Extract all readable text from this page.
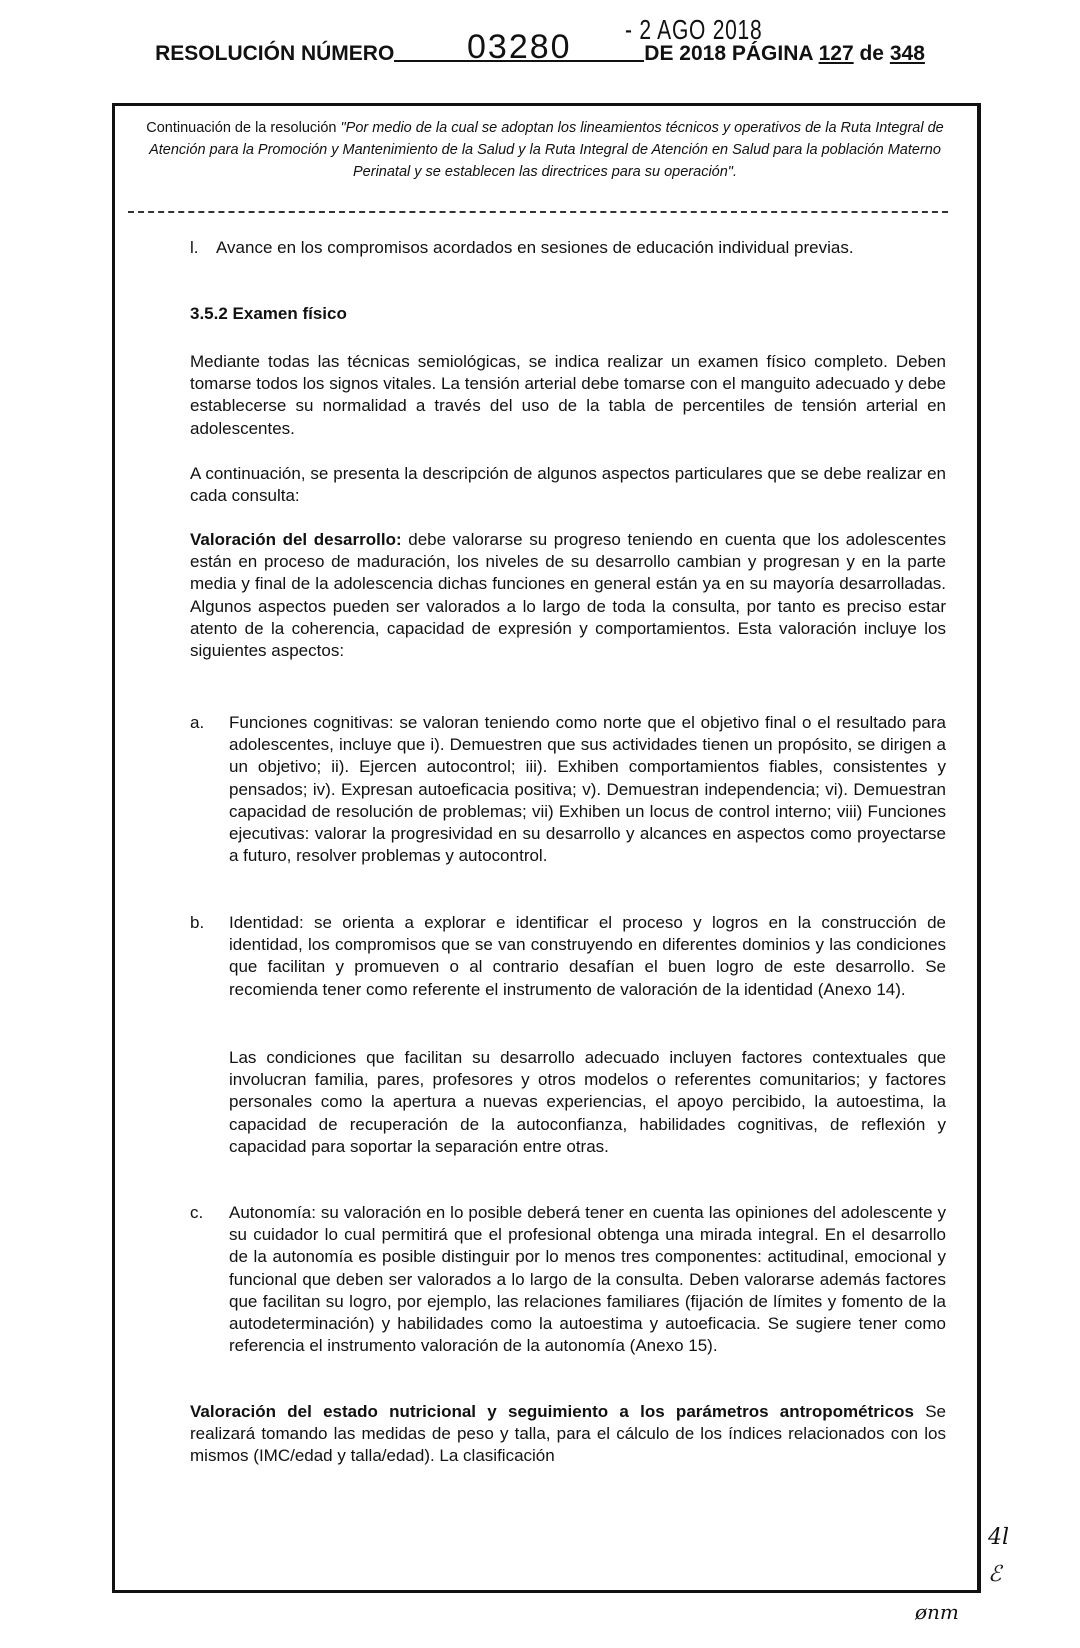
- 2 AGO 2018
RESOLUCIÓN NÚMERO 03280	DE 2018 PÁGINA 127 de 348
Continuación de la resolución "Por medio de la cual se adoptan los lineamientos técnicos y operativos de la Ruta Integral de Atención para la Promoción y Mantenimiento de la Salud y la Ruta Integral de Atención en Salud para la población Materno Perinatal y se establecen las directrices para su operación".
l. Avance en los compromisos acordados en sesiones de educación individual previas.
3.5.2 Examen físico
Mediante todas las técnicas semiológicas, se indica realizar un examen físico completo. Deben tomarse todos los signos vitales. La tensión arterial debe tomarse con el manguito adecuado y debe establecerse su normalidad a través del uso de la tabla de percentiles de tensión arterial en adolescentes.
A continuación, se presenta la descripción de algunos aspectos particulares que se debe realizar en cada consulta:
Valoración del desarrollo: debe valorarse su progreso teniendo en cuenta que los adolescentes están en proceso de maduración, los niveles de su desarrollo cambian y progresan y en la parte media y final de la adolescencia dichas funciones en general están ya en su mayoría desarrolladas. Algunos aspectos pueden ser valorados a lo largo de toda la consulta, por tanto es preciso estar atento de la coherencia, capacidad de expresión y comportamientos. Esta valoración incluye los siguientes aspectos:
a. Funciones cognitivas: se valoran teniendo como norte que el objetivo final o el resultado para adolescentes, incluye que i). Demuestren que sus actividades tienen un propósito, se dirigen a un objetivo; ii). Ejercen autocontrol; iii). Exhiben comportamientos fiables, consistentes y pensados; iv). Expresan autoeficacia positiva; v). Demuestran independencia; vi). Demuestran capacidad de resolución de problemas; vii) Exhiben un locus de control interno; viii) Funciones ejecutivas: valorar la progresividad en su desarrollo y alcances en aspectos como proyectarse a futuro, resolver problemas y autocontrol.
b. Identidad: se orienta a explorar e identificar el proceso y logros en la construcción de identidad, los compromisos que se van construyendo en diferentes dominios y las condiciones que facilitan y promueven o al contrario desafían el buen logro de este desarrollo. Se recomienda tener como referente el instrumento de valoración de la identidad (Anexo 14).
Las condiciones que facilitan su desarrollo adecuado incluyen factores contextuales que involucran familia, pares, profesores y otros modelos o referentes comunitarios; y factores personales como la apertura a nuevas experiencias, el apoyo percibido, la autoestima, la capacidad de recuperación de la autoconfianza, habilidades cognitivas, de reflexión y capacidad para soportar la separación entre otras.
c. Autonomía: su valoración en lo posible deberá tener en cuenta las opiniones del adolescente y su cuidador lo cual permitirá que el profesional obtenga una mirada integral. En el desarrollo de la autonomía es posible distinguir por lo menos tres componentes: actitudinal, emocional y funcional que deben ser valorados a lo largo de la consulta. Deben valorarse además factores que facilitan su logro, por ejemplo, las relaciones familiares (fijación de límites y fomento de la autodeterminación) y habilidades como la autoestima y autoeficacia. Se sugiere tener como referencia el instrumento valoración de la autonomía (Anexo 15).
Valoración del estado nutricional y seguimiento a los parámetros antropométricos Se realizará tomando las medidas de peso y talla, para el cálculo de los índices relacionados con los mismos (IMC/edad y talla/edad). La clasificación
4l
ℰ
ønm
